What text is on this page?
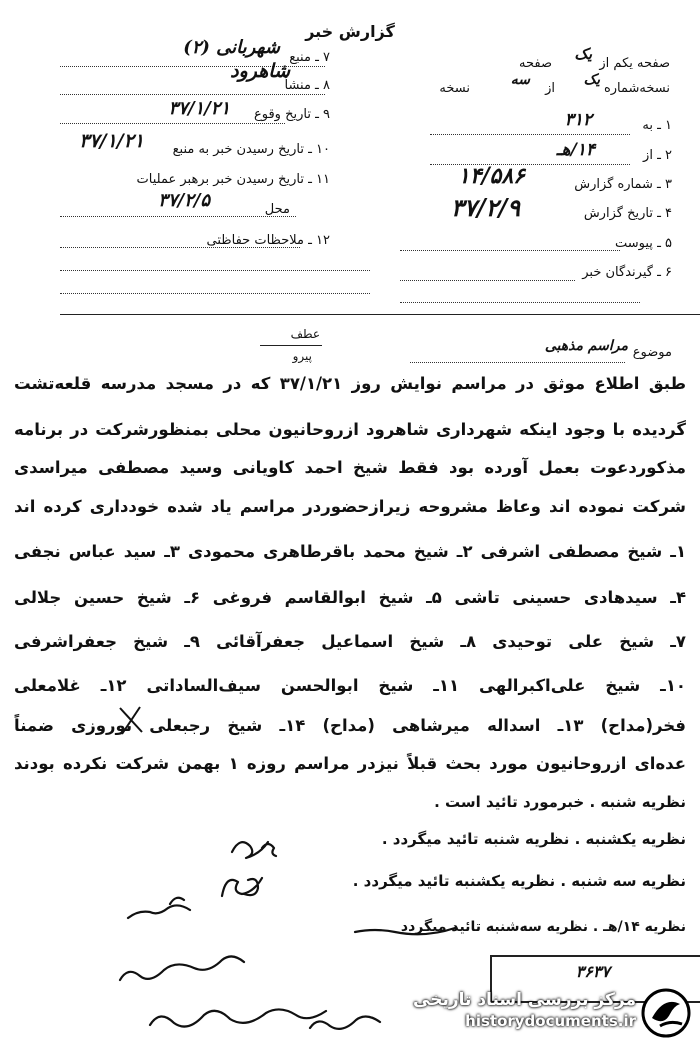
گزارش خبر
۷ ـ منبع
شهربانی (۲)
۸ ـ منشأ
شاهرود
۹ ـ تاریخ وقوع
۳۷/۱/۲۱
۱۰ ـ تاریخ رسیدن خبر به منبع
۳۷/۱/۲۱
۱۱ ـ تاریخ رسیدن خبر برهبر عملیات
محل
۳۷/۲/۵
۱۲ ـ ملاحظات حفاظتی
صفحه یکم از
یک
صفحه
نسخه‌شماره
یک
از
سه
نسخه
۱ ـ به
۳۱۲
۲ ـ از
۱۴/هـ
۳ ـ شماره گزارش
۱۴/۵۸۶
۴ ـ تاریخ گزارش
۳۷/۲/۹
۵ ـ پیوست
۶ ـ گیرندگان خبر
موضوع
مراسم مذهبی
عطف
پیرو
طبق اطلاع موثق در مراسم نوایش روز ۳۷/۱/۲۱ که در مسجد مدرسه قلعه‌تشت
گردیده با وجود اینکه شهرداری شاهرود ازروحانیون محلی بمنظورشرکت در برنامه
مذکوردعوت بعمل آورده بود فقط شیخ احمد کاویانی وسید مصطفی میراسدی
شرکت نموده اند وعاظ مشروحه زیرازحضوردر مراسم یاد شده خودداری کرده اند
۱ـ شیخ مصطفی اشرفی ۲ـ شیخ محمد باقرطاهری محمودی ۳ـ سید عباس نجفی
۴ـ سیدهادی حسینی تاشی ۵ـ شیخ ابوالقاسم فروغی ۶ـ شیخ حسین جلالی
۷ـ شیخ علی توحیدی ۸ـ شیخ اسماعیل جعفرآقائی ۹ـ شیخ جعفراشرفی
۱۰ـ شیخ علی‌اکبرالهی ۱۱ـ شیخ ابوالحسن سیف‌الساداتی ۱۲ـ غلامعلی
فخر(مداح) ۱۳ـ اسداله میرشاهی (مداح) ۱۴ـ شیخ رجبعلی نوروزی ضمناً
عده‌ای ازروحانیون مورد بحث قبلاً نیزدر مراسم روزه ۱ بهمن شرکت نکرده بودند
نظریه شنبه . خبرمورد تائید است .
نظریه یکشنبه . نظریه شنبه تائید میگردد .
نظریه سه شنبه . نظریه یکشنبه تائید میگردد .
نظریه ۱۴/هـ . نظریه سه‌شنبه تائید میگردد
۳۶۳۷
مرکز بررسی اسناد تاریخی
historydocuments.ir
